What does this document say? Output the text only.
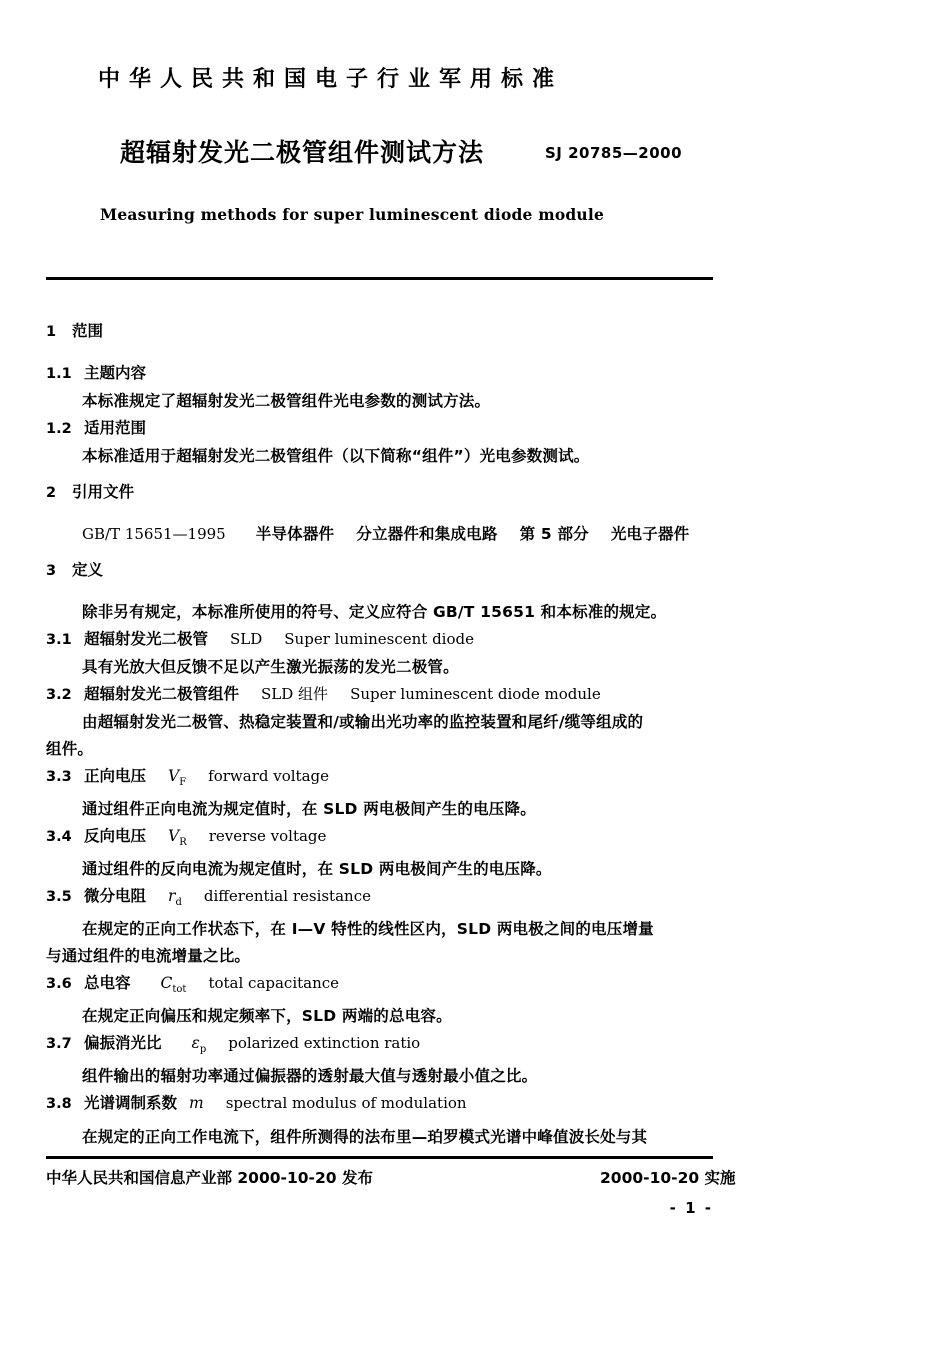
中华人民共和国电子行业军用标准
超辐射发光二极管组件测试方法	SJ 20785—2000
Measuring methods for super luminescent diode module
1 范围
1.1 主题内容
本标准规定了超辐射发光二极管组件光电参数的测试方法。
1.2 适用范围
本标准适用于超辐射发光二极管组件（以下简称“组件”）光电参数测试。
2 引用文件
GB/T 15651—1995 半导体器件 分立器件和集成电路 第 5 部分 光电子器件
3 定义
除非另有规定，本标准所使用的符号、定义应符合 GB/T 15651 和本标准的规定。
3.1 超辐射发光二极管 SLD Super luminescent diode
具有光放大但反馈不足以产生激光振荡的发光二极管。
3.2 超辐射发光二极管组件 SLD 组件 Super luminescent diode module
由超辐射发光二极管、热稳定装置和/或输出光功率的监控装置和尾纤/缆等组成的
组件。
3.3 正向电压 $V_F$ forward voltage
通过组件正向电流为规定值时，在 SLD 两电极间产生的电压降。
3.4 反向电压 $V_R$ reverse voltage
通过组件的反向电流为规定值时，在 SLD 两电极间产生的电压降。
3.5 微分电阻 $r_d$ differential resistance
在规定的正向工作状态下，在 I—V 特性的线性区内，SLD 两电极之间的电压增量
与通过组件的电流增量之比。
3.6 总电容 $C_{tot}$ total capacitance
在规定正向偏压和规定频率下，SLD 两端的总电容。
3.7 偏振消光比 $\varepsilon_p$ polarized extinction ratio
组件输出的辐射功率通过偏振器的透射最大值与透射最小值之比。
3.8 光谱调制系数 m spectral modulus of modulation
在规定的正向工作电流下，组件所测得的法布里—珀罗模式光谱中峰值波长处与其
中华人民共和国信息产业部 2000-10-20 发布	2000-10-20 实施
- 1 -
